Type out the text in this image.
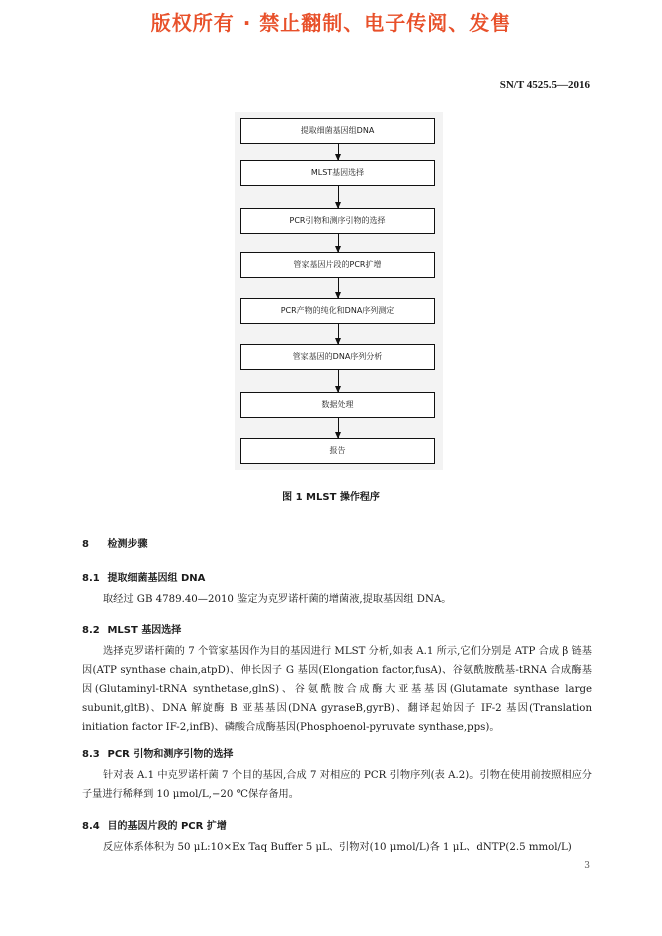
版权所有 · 禁止翻制、电子传阅、发售
SN/T 4525.5—2016
提取细菌基因组DNA
MLST基因选择
PCR引物和测序引物的选择
管家基因片段的PCR扩增
PCR产物的纯化和DNA序列测定
管家基因的DNA序列分析
数据处理
报告
图 1 MLST 操作程序
8 检测步骤
8.1 提取细菌基因组 DNA
取经过 GB 4789.40—2010 鉴定为克罗诺杆菌的增菌液,提取基因组 DNA。
8.2 MLST 基因选择
选择克罗诺杆菌的 7 个管家基因作为目的基因进行 MLST 分析,如表 A.1 所示,它们分别是 ATP 合成 β 链基因(ATP synthase chain,atpD)、伸长因子 G 基因(Elongation factor,fusA)、谷氨酰胺酰基-tRNA 合成酶基因(Glutaminyl-tRNA synthetase,glnS)、谷氨酰胺合成酶大亚基基因(Glutamate synthase large subunit,gltB)、DNA 解旋酶 B 亚基基因(DNA gyraseB,gyrB)、翻译起始因子 IF-2 基因(Translation initiation factor IF-2,infB)、磷酸合成酶基因(Phosphoenol-pyruvate synthase,pps)。
8.3 PCR 引物和测序引物的选择
针对表 A.1 中克罗诺杆菌 7 个目的基因,合成 7 对相应的 PCR 引物序列(表 A.2)。引物在使用前按照相应分子量进行稀释到 10 μmol/L,−20 ℃保存备用。
8.4 目的基因片段的 PCR 扩增
反应体系体积为 50 μL:10×Ex Taq Buffer 5 μL、引物对(10 μmol/L)各 1 μL、dNTP(2.5 mmol/L)
3
